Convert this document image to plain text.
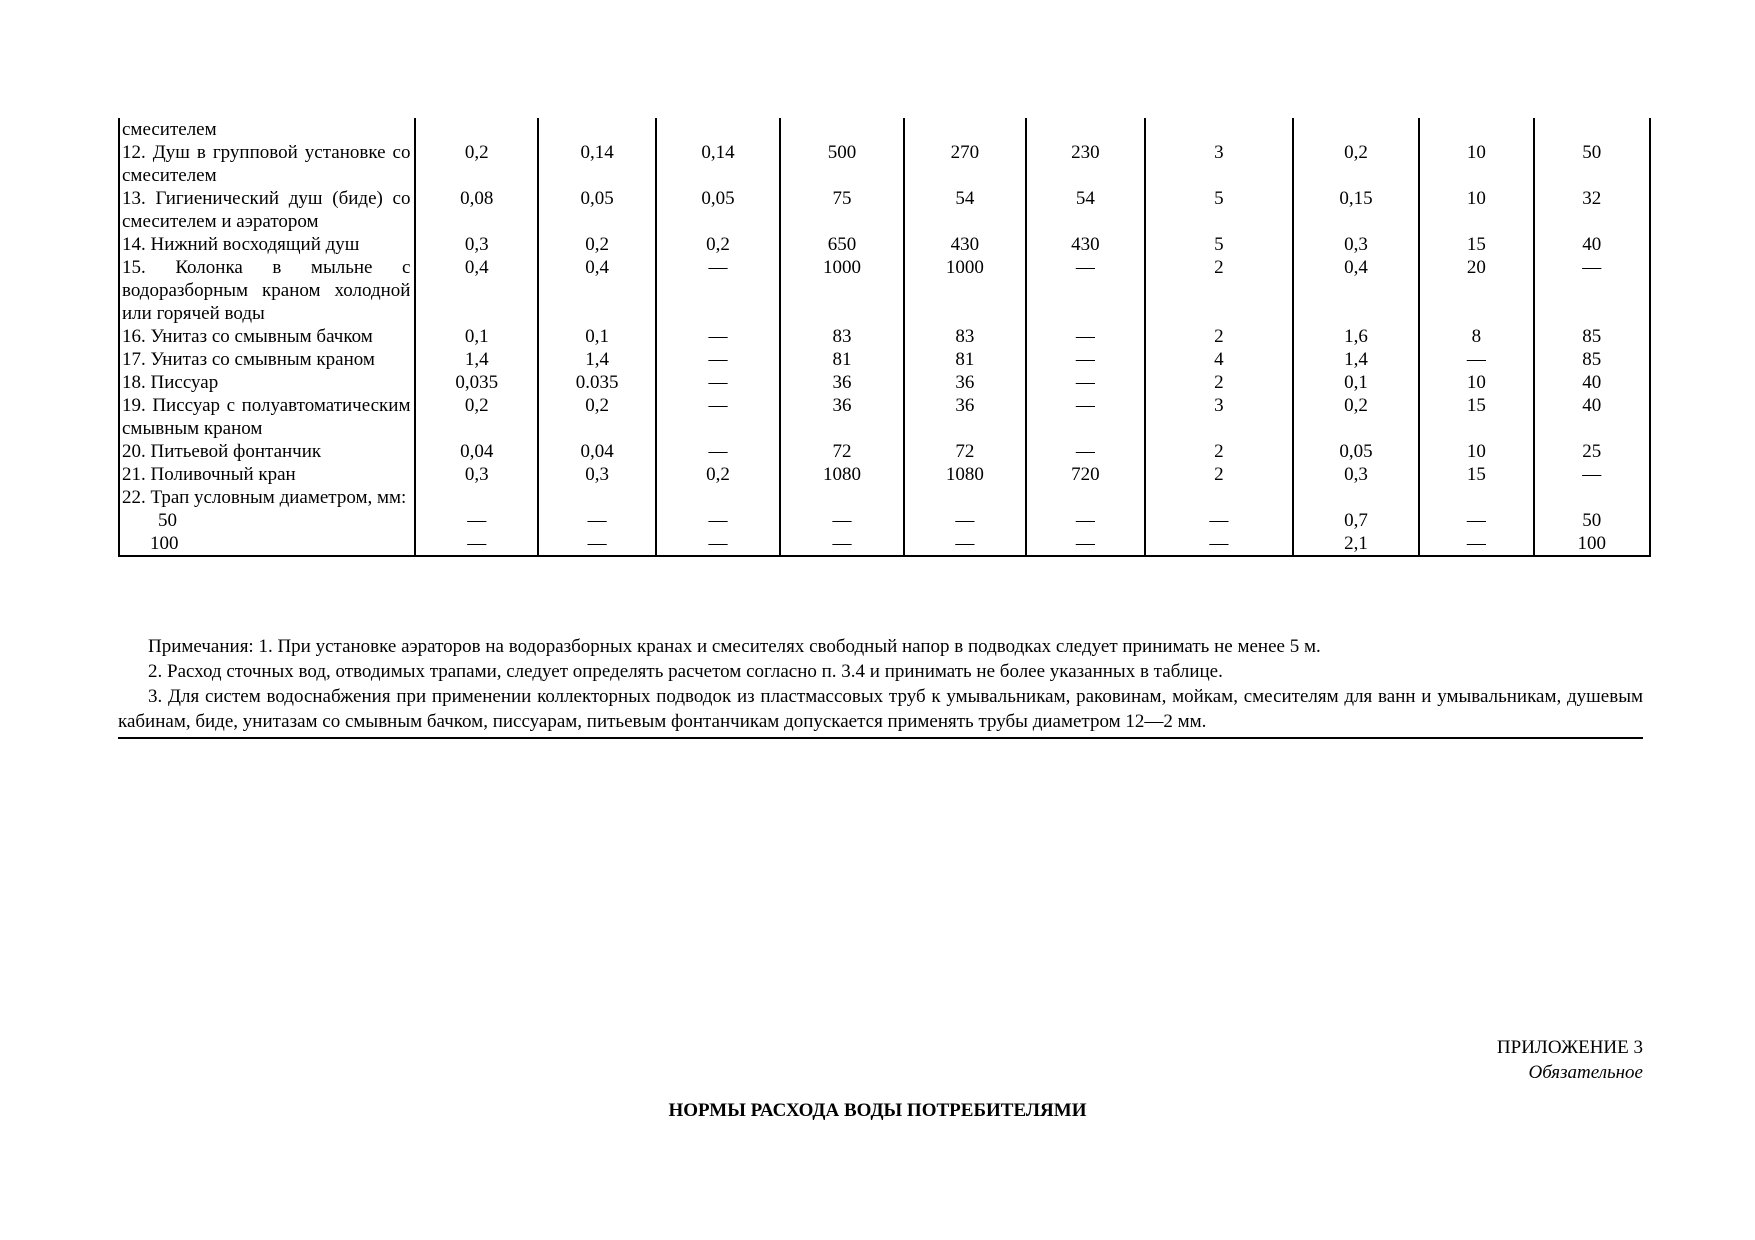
смесителем										
12. Душ в групповой установке со смесителем	0,2	0,14	0,14	500	270	230	3	0,2	10	50
13. Гигиенический душ (биде) со смесителем и аэратором	0,08	0,05	0,05	75	54	54	5	0,15	10	32
14. Нижний восходящий душ	0,3	0,2	0,2	650	430	430	5	0,3	15	40
15. Колонка в мыльне с водоразборным краном холодной или горячей воды	0,4	0,4	—	1000	1000	—	2	0,4	20	—
16. Унитаз со смывным бачком	0,1	0,1	—	83	83	—	2	1,6	8	85
17. Унитаз со смывным краном	1,4	1,4	—	81	81	—	4	1,4	—	85
18. Писсуар	0,035	0.035	—	36	36	—	2	0,1	10	40
19. Писсуар с полуавтоматическим смывным краном	0,2	0,2	—	36	36	—	3	0,2	15	40
20. Питьевой фонтанчик	0,04	0,04	—	72	72	—	2	0,05	10	25
21. Поливочный кран	0,3	0,3	0,2	1080	1080	720	2	0,3	15	—
22. Трап условным диаметром, мм:										
50	—	—	—	—	—	—	—	0,7	—	50
100	—	—	—	—	—	—	—	2,1	—	100

Примечания: 1. При установке аэраторов на водоразборных кранах и смесителях свободный напор в подводках следует принимать не менее 5 м.

2. Расход сточных вод, отводимых трапами, следует определять расчетом согласно п. 3.4 и принимать не более указанных в таблице.

3. Для систем водоснабжения при применении коллекторных подводок из пластмассовых труб к умывальникам, раковинам, мойкам, смесителям для ванн и умывальникам, душевым кабинам, биде, унитазам со смывным бачком, писсуарам, питьевым фонтанчикам допускается применять трубы диаметром 12—2 мм.

ПРИЛОЖЕНИЕ 3
Обязательное
НОРМЫ РАСХОДА ВОДЫ ПОТРЕБИТЕЛЯМИ
